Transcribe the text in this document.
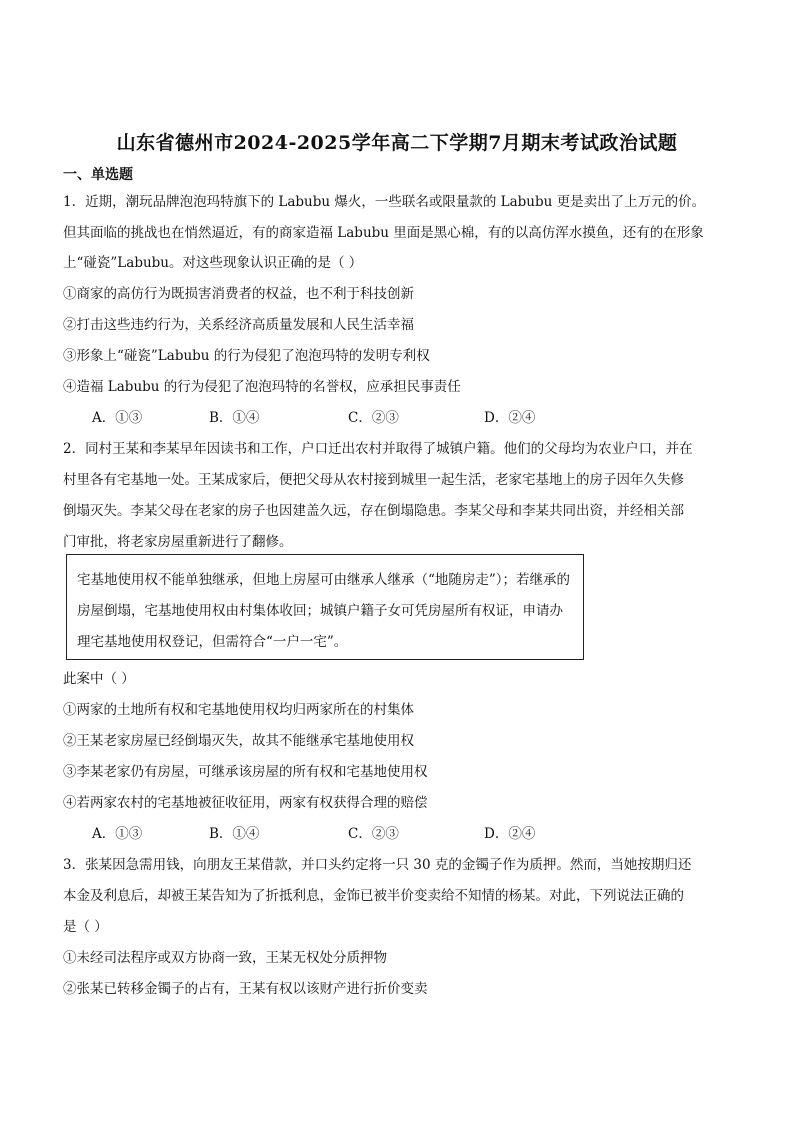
山东省德州市2024-2025学年高二下学期7月期末考试政治试题
一、单选题
1．近期，潮玩品牌泡泡玛特旗下的 Labubu 爆火，一些联名或限量款的 Labubu 更是卖出了上万元的价。
但其面临的挑战也在悄然逼近，有的商家造福 Labubu 里面是黑心棉，有的以高仿浑水摸鱼，还有的在形象
上“碰瓷”Labubu。对这些现象认识正确的是（ ）
①商家的高仿行为既损害消费者的权益，也不利于科技创新
②打击这些违约行为，关系经济高质量发展和人民生活幸福
③形象上“碰瓷”Labubu 的行为侵犯了泡泡玛特的发明专利权
④造福 Labubu 的行为侵犯了泡泡玛特的名誉权，应承担民事责任
A．①③	B．①④	C．②③	D．②④
2．同村王某和李某早年因读书和工作，户口迁出农村并取得了城镇户籍。他们的父母均为农业户口，并在
村里各有宅基地一处。王某成家后，便把父母从农村接到城里一起生活，老家宅基地上的房子因年久失修
倒塌灭失。李某父母在老家的房子也因建盖久远，存在倒塌隐患。李某父母和李某共同出资，并经相关部
门审批，将老家房屋重新进行了翻修。
宅基地使用权不能单独继承，但地上房屋可由继承人继承（“地随房走”）；若继承的
房屋倒塌，宅基地使用权由村集体收回；城镇户籍子女可凭房屋所有权证，申请办
理宅基地使用权登记，但需符合“一户一宅”。
此案中（ ）
①两家的土地所有权和宅基地使用权均归两家所在的村集体
②王某老家房屋已经倒塌灭失，故其不能继承宅基地使用权
③李某老家仍有房屋，可继承该房屋的所有权和宅基地使用权
④若两家农村的宅基地被征收征用，两家有权获得合理的赔偿
A．①③	B．①④	C．②③	D．②④
3．张某因急需用钱，向朋友王某借款，并口头约定将一只 30 克的金镯子作为质押。然而，当她按期归还
本金及利息后，却被王某告知为了折抵利息，金饰已被半价变卖给不知情的杨某。对此，下列说法正确的
是（ ）
①未经司法程序或双方协商一致，王某无权处分质押物
②张某已转移金镯子的占有，王某有权以该财产进行折价变卖
